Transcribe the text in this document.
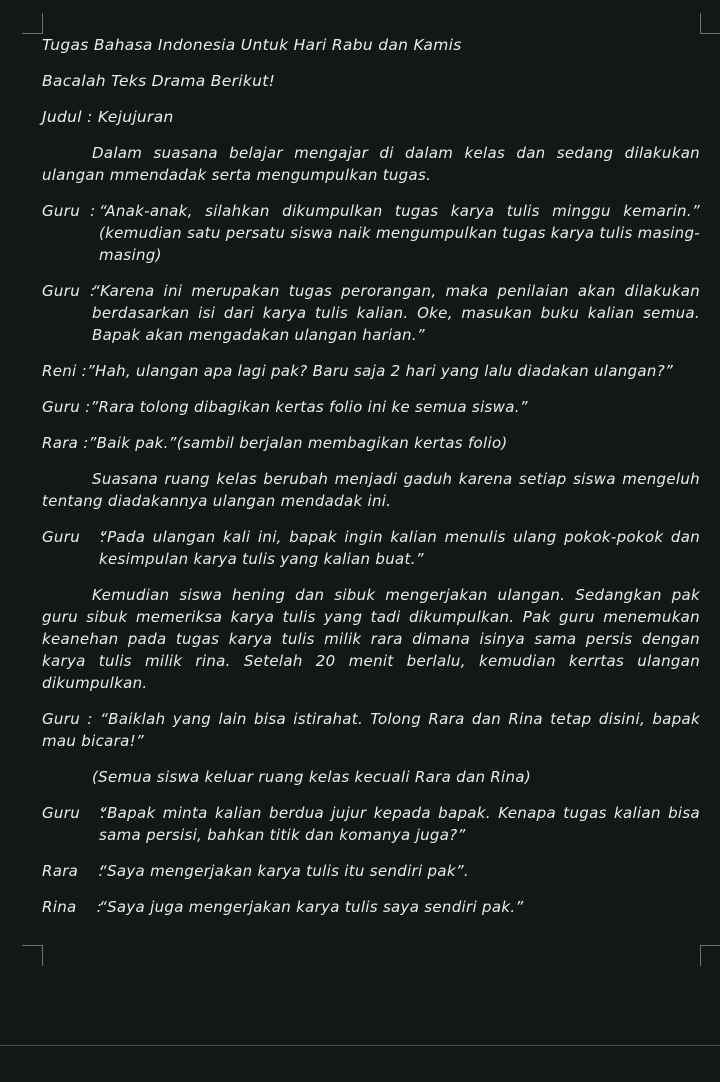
Tugas Bahasa Indonesia Untuk Hari Rabu dan Kamis

Bacalah Teks Drama Berikut!

Judul : Kejujuran

Dalam suasana belajar mengajar di dalam kelas dan sedang dilakukan ulangan mmendadak serta mengumpulkan tugas.

Guru  : “Anak-anak, silahkan dikumpulkan tugas karya tulis minggu kemarin.” (kemudian satu persatu siswa naik mengumpulkan tugas karya tulis masing-masing)
Guru  :
“Karena ini merupakan tugas perorangan, maka penilaian akan dilakukan berdasarkan isi dari karya tulis kalian. Oke, masukan buku kalian semua. Bapak akan mengadakan ulangan harian.”

Reni :”Hah, ulangan apa lagi pak? Baru saja 2 hari yang lalu diadakan ulangan?”

Guru :”Rara tolong dibagikan kertas folio ini ke semua siswa.”

Rara :”Baik pak.”(sambil berjalan membagikan kertas folio)

Suasana ruang kelas berubah menjadi gaduh karena setiap siswa mengeluh tentang diadakannya ulangan mendadak ini.

Guru    :
“Pada ulangan kali ini, bapak ingin kalian menulis ulang pokok-pokok dan kesimpulan karya tulis yang kalian buat.”

Kemudian siswa hening dan sibuk mengerjakan ulangan. Sedangkan pak guru sibuk memeriksa karya tulis yang tadi dikumpulkan. Pak guru menemukan keanehan pada tugas karya tulis milik rara dimana isinya sama persis dengan karya tulis milik rina. Setelah 20 menit berlalu, kemudian kerrtas ulangan dikumpulkan.

Guru : “Baiklah yang lain bisa istirahat. Tolong Rara dan Rina tetap disini, bapak mau bicara!”

(Semua siswa keluar ruang kelas kecuali Rara dan Rina)

Guru    :
“Bapak minta kalian berdua jujur kepada bapak. Kenapa tugas kalian bisa sama persisi, bahkan titik dan komanya juga?”
Rara    :
“Saya mengerjakan karya tulis itu sendiri pak”.
Rina    :
“Saya juga mengerjakan karya tulis saya sendiri pak.”
